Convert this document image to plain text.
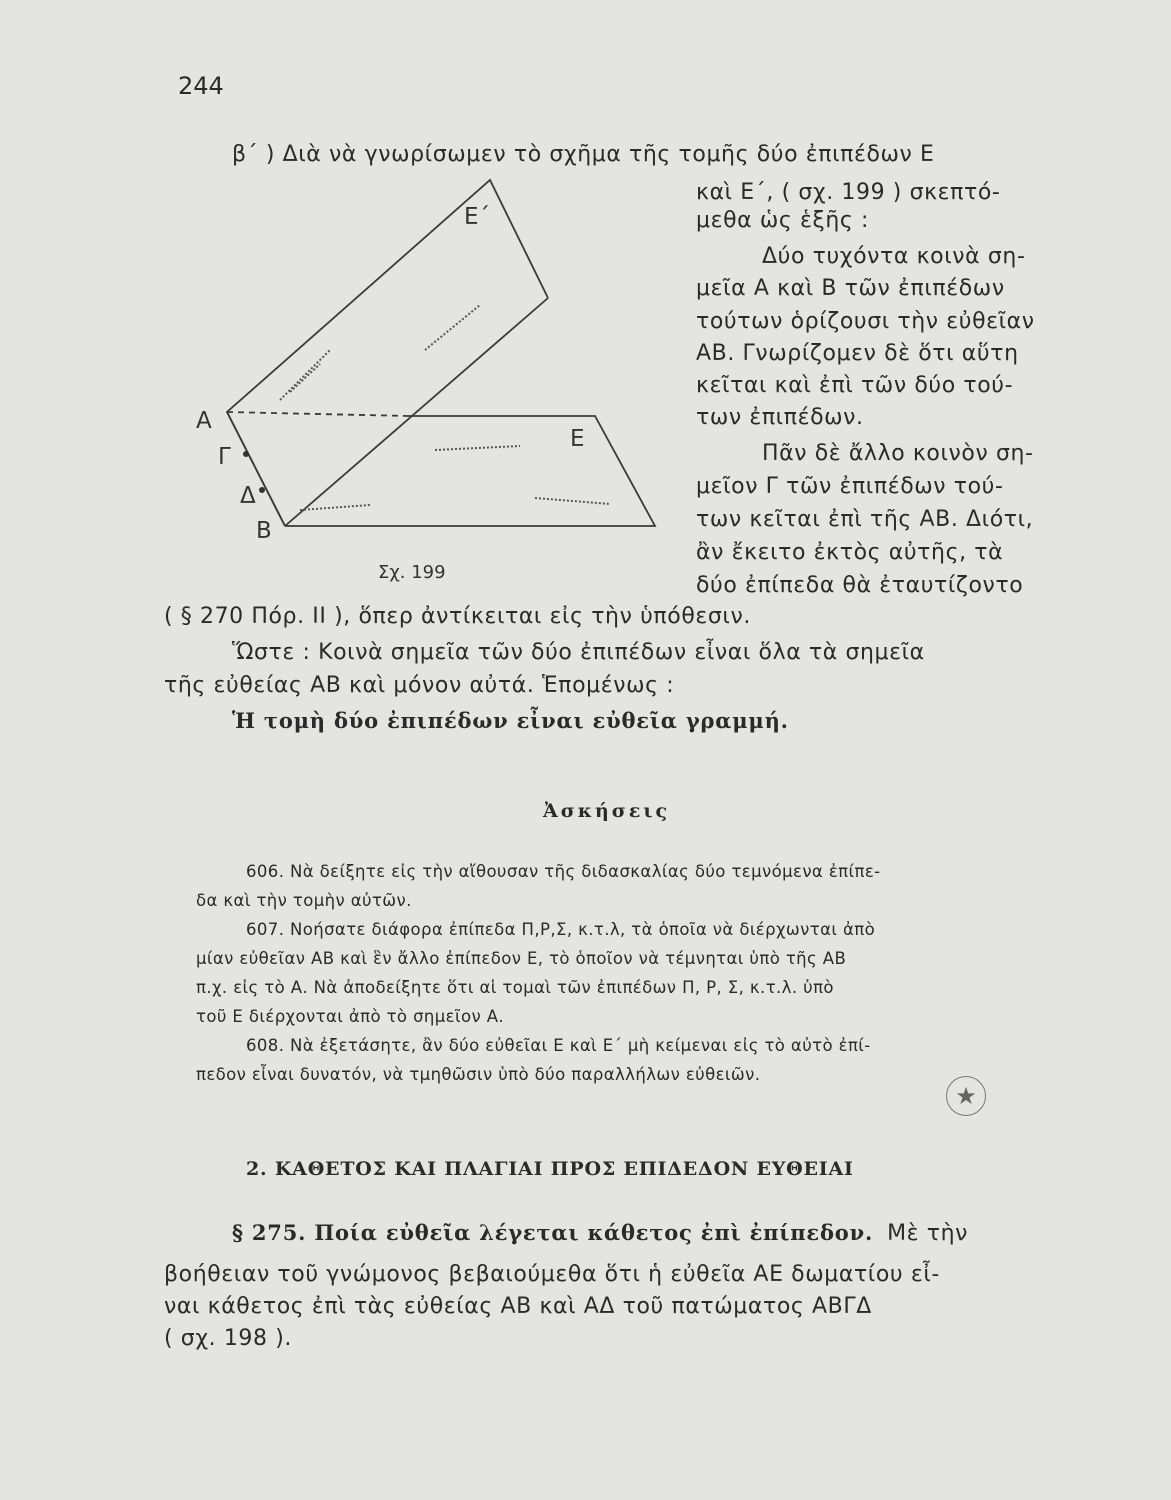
244
β΄ ) Διὰ νὰ γνωρίσωμεν τὸ σχῆμα τῆς τομῆς δύο ἐπιπέδων Ε
καὶ Ε΄, ( σχ. 199 ) σκεπτό-
μεθα ὡς ἑξῆς :
Δύο τυχόντα κοινὰ ση-
μεῖα Α καὶ Β τῶν ἐπιπέδων
τούτων ὁρίζουσι τὴν εὐθεῖαν
ΑΒ. Γνωρίζομεν δὲ ὅτι αὕτη
κεῖται καὶ ἐπὶ τῶν δύο τού-
των ἐπιπέδων.
Πᾶν δὲ ἄλλο κοινὸν ση-
μεῖον Γ τῶν ἐπιπέδων τού-
των κεῖται ἐπὶ τῆς ΑΒ. Διότι,
ἂν ἔκειτο ἐκτὸς αὐτῆς, τὰ
δύο ἐπίπεδα θὰ ἐταυτίζοντο
( § 270 Πόρ. ΙΙ ), ὅπερ ἀντίκειται εἰς τὴν ὑπόθεσιν.
Ὥστε : Κοινὰ σημεῖα τῶν δύο ἐπιπέδων εἶναι ὅλα τὰ σημεῖα
τῆς εὐθείας ΑΒ καὶ μόνον αὐτά. Ἑπομένως :
Ἡ τομὴ δύο ἐπιπέδων εἶναι εὐθεῖα γραμμή.
Α
Γ
Δ
Β
Ε
Ε΄
Σχ. 199
Ἀσκήσεις
606. Νὰ δείξητε εἰς τὴν αἴθουσαν τῆς διδασκαλίας δύο τεμνόμενα ἐπίπε-
δα καὶ τὴν τομὴν αὐτῶν.
607. Νοήσατε διάφορα ἐπίπεδα Π,Ρ,Σ, κ.τ.λ, τὰ ὁποῖα νὰ διέρχωνται ἀπὸ
μίαν εὐθεῖαν ΑΒ καὶ ἓν ἄλλο ἐπίπεδον Ε, τὸ ὁποῖον νὰ τέμνηται ὑπὸ τῆς ΑΒ
π.χ. εἰς τὸ Α. Νὰ ἀποδείξητε ὅτι αἱ τομαὶ τῶν ἐπιπέδων Π, Ρ, Σ, κ.τ.λ. ὑπὸ
τοῦ Ε διέρχονται ἀπὸ τὸ σημεῖον Α.
608. Νὰ ἐξετάσητε, ἂν δύο εὐθεῖαι Ε καὶ Ε΄ μὴ κείμεναι εἰς τὸ αὐτὸ ἐπί-
πεδον εἶναι δυνατόν, νὰ τμηθῶσιν ὑπὸ δύο παραλλήλων εὐθειῶν.
★
2. ΚΑΘΕΤΟΣ ΚΑΙ ΠΛΑΓΙΑΙ ΠΡΟΣ ΕΠΙΔΕΔΟΝ ΕΥΘΕΙΑΙ
§ 275. Ποία εὐθεῖα λέγεται κάθετος ἐπὶ ἐπίπεδον. Μὲ τὴν
βοήθειαν τοῦ γνώμονος βεβαιούμεθα ὅτι ἡ εὐθεῖα ΑΕ δωματίου εἶ-
ναι κάθετος ἐπὶ τὰς εὐθείας ΑΒ καὶ ΑΔ τοῦ πατώματος ΑΒΓΔ
( σχ. 198 ).
